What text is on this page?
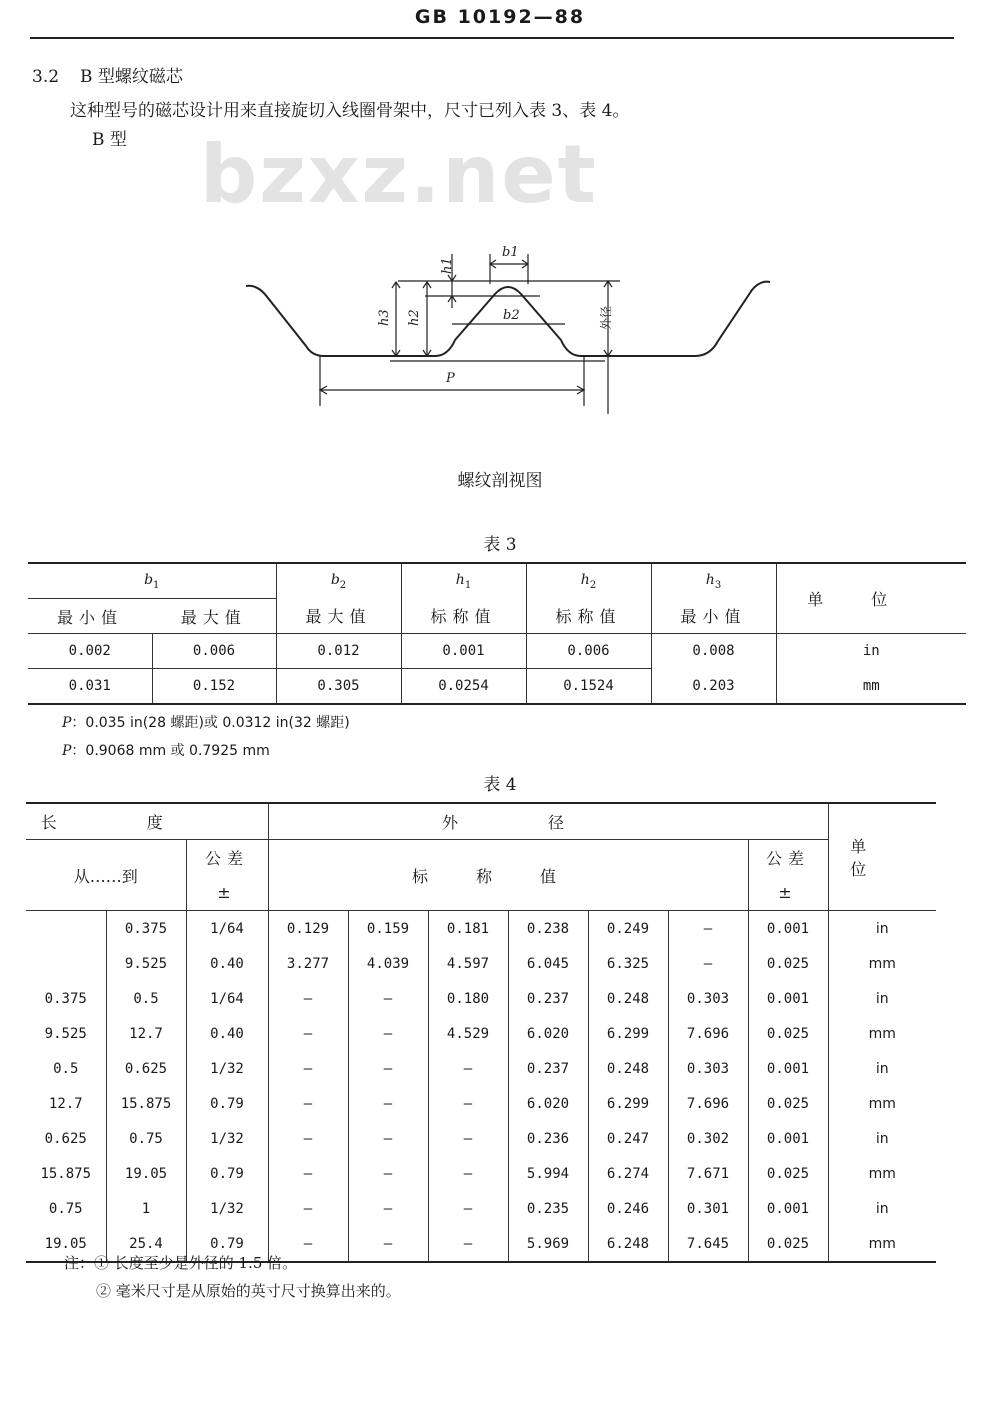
GB 10192—88
3.2 B 型螺纹磁芯
这种型号的磁芯设计用来直接旋切入线圈骨架中，尺寸已列入表 3、表 4。
B 型 bzxz.net
b1
b2
h1
h2
h3
P
外径
螺纹剖视图
表 3
$b_1$		$b_2$	$h_1$	$h_2$	$h_3$	单位
最小值	最大值	最大值	标称值	标称值	最小值	
0.002	0.006	0.012	0.001	0.006	0.008	in
0.031	0.152	0.305	0.0254	0.1524	0.203	mm
P：0.035 in(28 螺距)或 0.0312 in(32 螺距)
P：0.9068 mm 或 0.7925 mm
表 4
长度			外径							单位
从……到		公差	标称值						公差	
		±							±	
	0.375	1/64	0.129	0.159	0.181	0.238	0.249	—	0.001	in
	9.525	0.40	3.277	4.039	4.597	6.045	6.325	—	0.025	mm
0.375	0.5	1/64	—	—	0.180	0.237	0.248	0.303	0.001	in
9.525	12.7	0.40	—	—	4.529	6.020	6.299	7.696	0.025	mm
0.5	0.625	1/32	—	—	—	0.237	0.248	0.303	0.001	in
12.7	15.875	0.79	—	—	—	6.020	6.299	7.696	0.025	mm
0.625	0.75	1/32	—	—	—	0.236	0.247	0.302	0.001	in
15.875	19.05	0.79	—	—	—	5.994	6.274	7.671	0.025	mm
0.75	1	1/32	—	—	—	0.235	0.246	0.301	0.001	in
19.05	25.4	0.79	—	—	—	5.969	6.248	7.645	0.025	mm
注：① 长度至少是外径的 1.5 倍。
② 毫米尺寸是从原始的英寸尺寸换算出来的。
